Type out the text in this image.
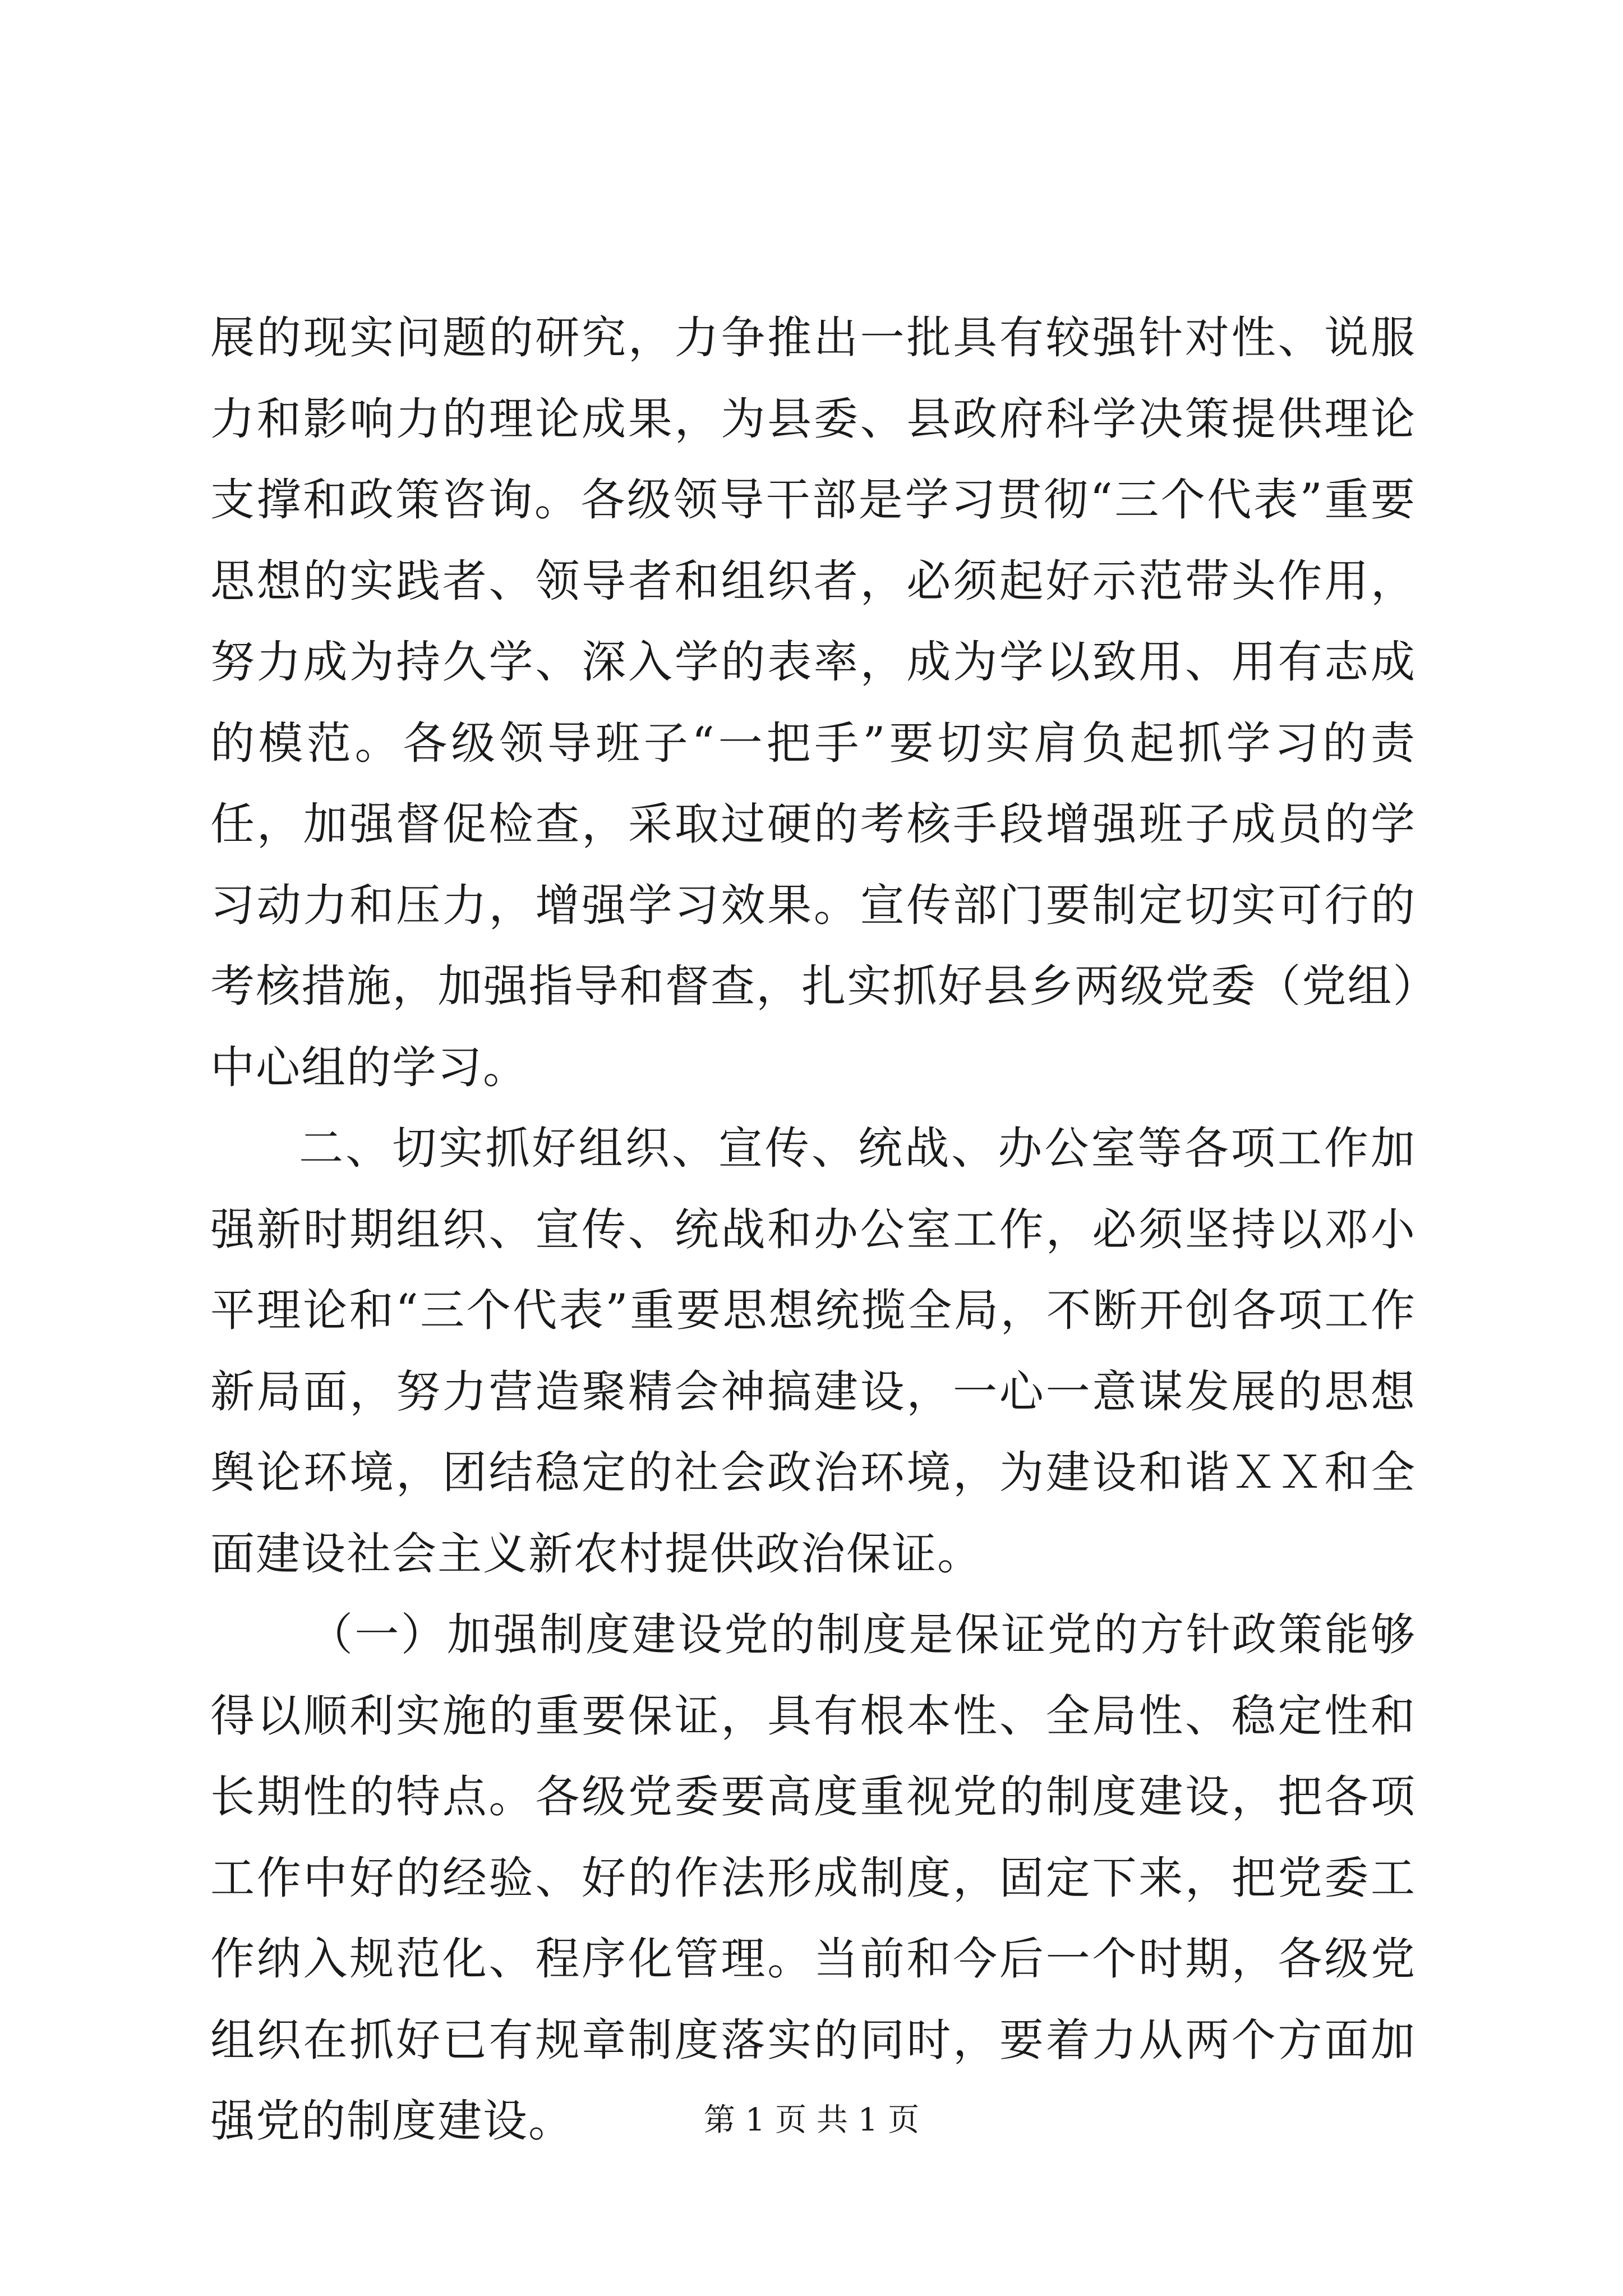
展的现实问题的研究，力争推出一批具有较强针对性、说服力和影响力的理论成果，为县委、县政府科学决策提供理论支撑和政策咨询。各级领导干部是学习贯彻“三个代表”重要思想的实践者、领导者和组织者，必须起好示范带头作用，努力成为持久学、深入学的表率，成为学以致用、用有志成的模范。各级领导班子“一把手”要切实肩负起抓学习的责任，加强督促检查，采取过硬的考核手段增强班子成员的学习动力和压力，增强学习效果。宣传部门要制定切实可行的考核措施，加强指导和督查，扎实抓好县乡两级党委（党组）中心组的学习。

二、切实抓好组织、宣传、统战、办公室等各项工作加强新时期组织、宣传、统战和办公室工作，必须坚持以邓小平理论和“三个代表”重要思想统揽全局，不断开创各项工作新局面，努力营造聚精会神搞建设，一心一意谋发展的思想舆论环境，团结稳定的社会政治环境，为建设和谐ＸＸ和全面建设社会主义新农村提供政治保证。

（一）加强制度建设党的制度是保证党的方针政策能够得以顺利实施的重要保证，具有根本性、全局性、稳定性和长期性的特点。各级党委要高度重视党的制度建设，把各项工作中好的经验、好的作法形成制度，固定下来，把党委工作纳入规范化、程序化管理。当前和今后一个时期，各级党组织在抓好已有规章制度落实的同时，要着力从两个方面加强党的制度建设。	第 1 页 共 1 页
